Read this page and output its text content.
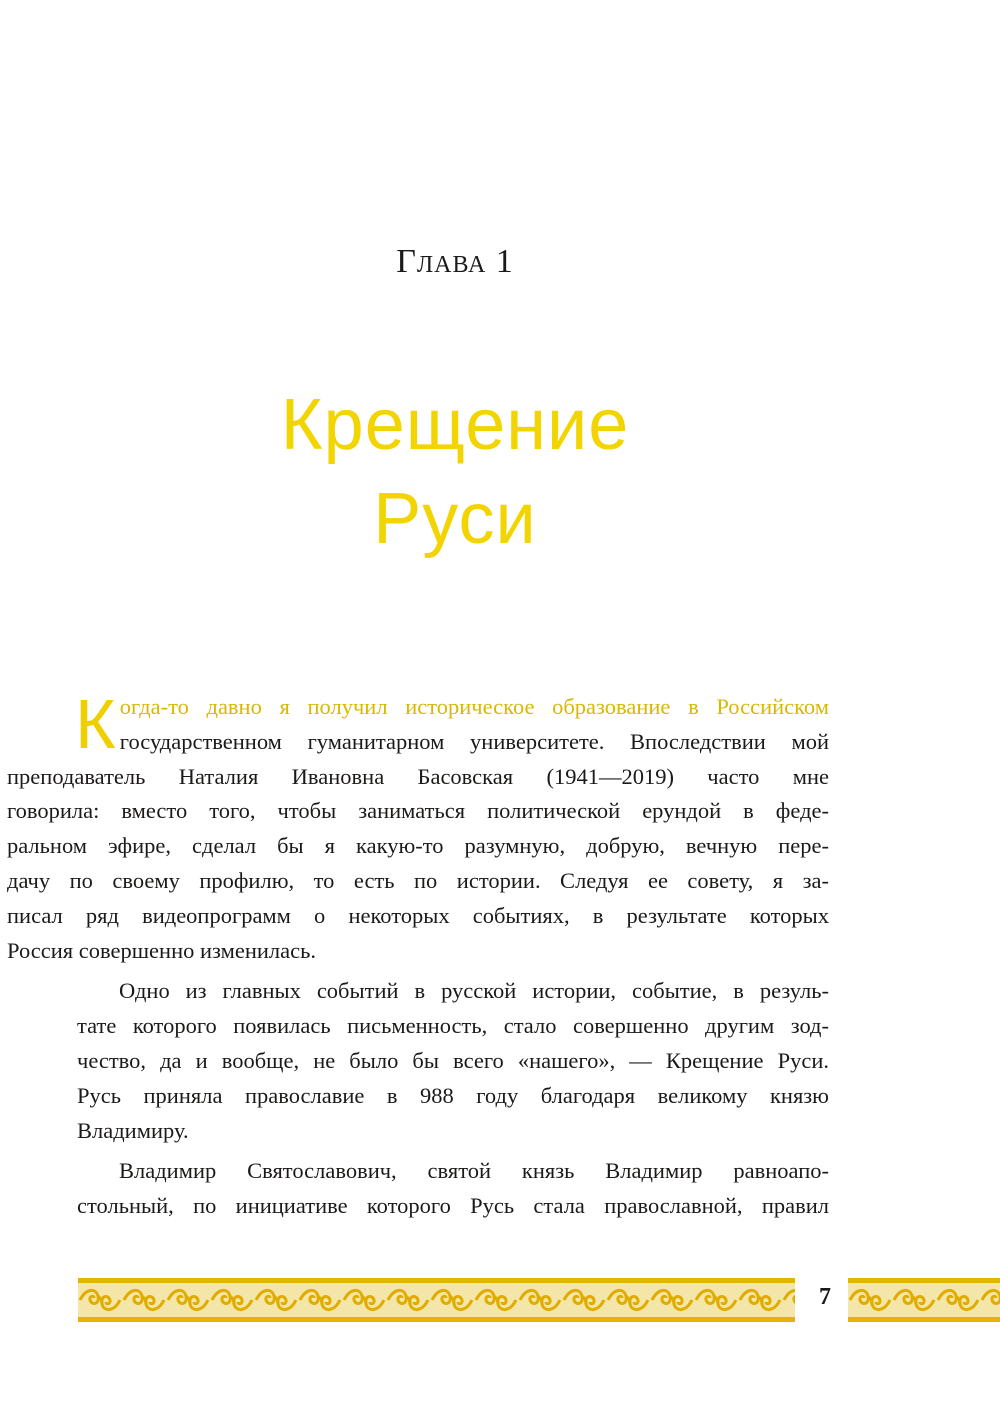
Глава 1
Крещение
Руси

К огда-то давно я получил историческое образование в Российском
государственном гуманитарном университете. Впоследствии мой
преподаватель Наталия Ивановна Басовская (1941—2019) часто мне
говорила: вместо того, чтобы заниматься политической ерундой в феде-
ральном эфире, сделал бы я какую-то разумную, добрую, вечную пере-
дачу по своему профилю, то есть по истории. Следуя ее совету, я за-
писал ряд видеопрограмм о некоторых событиях, в результате которых
Россия совершенно изменилась.

Одно из главных событий в русской истории, событие, в резуль-
тате которого появилась письменность, стало совершенно другим зод-
чество, да и вообще, не было бы всего «нашего», — Крещение Руси.
Русь приняла православие в 988 году благодаря великому князю
Владимиру.

Владимир Святославович, святой князь Владимир равноапо-
стольный, по инициативе которого Русь стала православной, правил

7
